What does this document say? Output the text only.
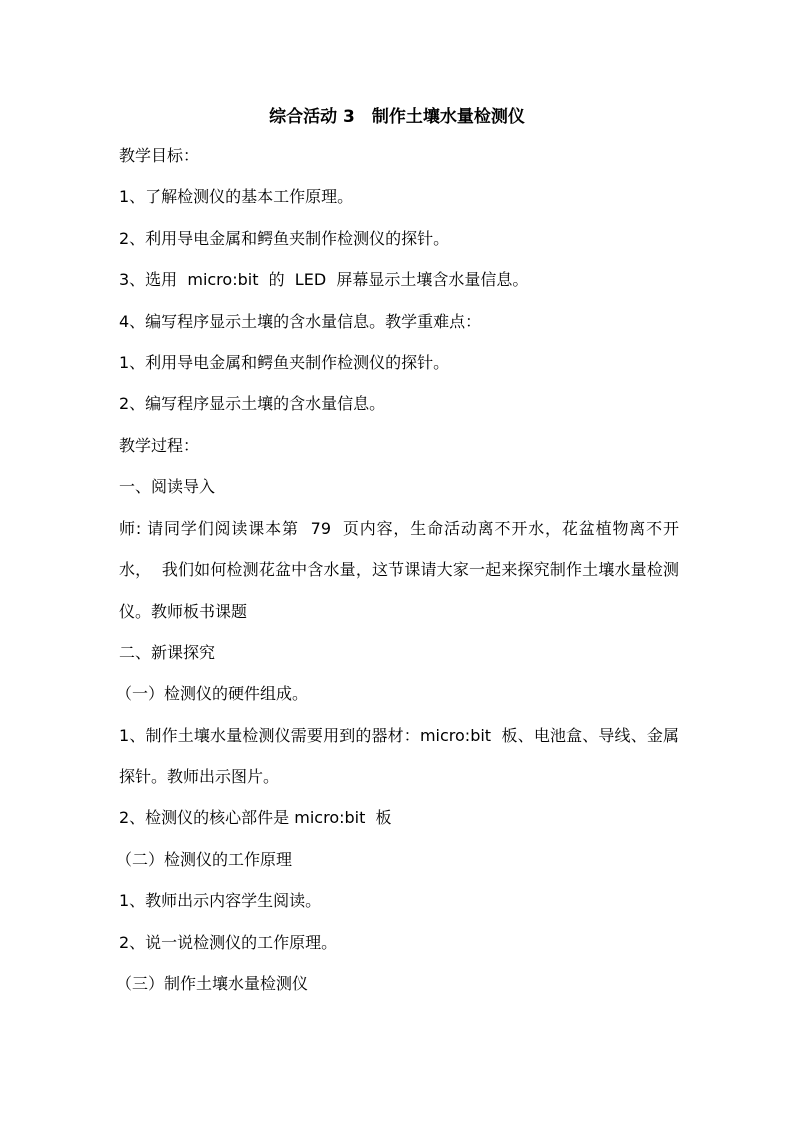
综合活动 3　制作土壤水量检测仪
教学目标：
1、了解检测仪的基本工作原理。
2、利用导电金属和鳄鱼夹制作检测仪的探针。
3、选用  micro:bit  的  LED  屏幕显示土壤含水量信息。
4、编写程序显示土壤的含水量信息。教学重难点：
1、利用导电金属和鳄鱼夹制作检测仪的探针。
2、编写程序显示土壤的含水量信息。
教学过程：
一、阅读导入
师: 请同学们阅读课本第  79  页内容，生命活动离不开水，花盆植物离不开水，  我们如何检测花盆中含水量，这节课请大家一起来探究制作土壤水量检测仪。教师板书课题
二、新课探究
（一）检测仪的硬件组成。
1、制作土壤水量检测仪需要用到的器材：micro:bit  板、电池盒、导线、金属探针。教师出示图片。
2、检测仪的核心部件是 micro:bit  板
（二）检测仪的工作原理
1、教师出示内容学生阅读。
2、说一说检测仪的工作原理。
（三）制作土壤水量检测仪
